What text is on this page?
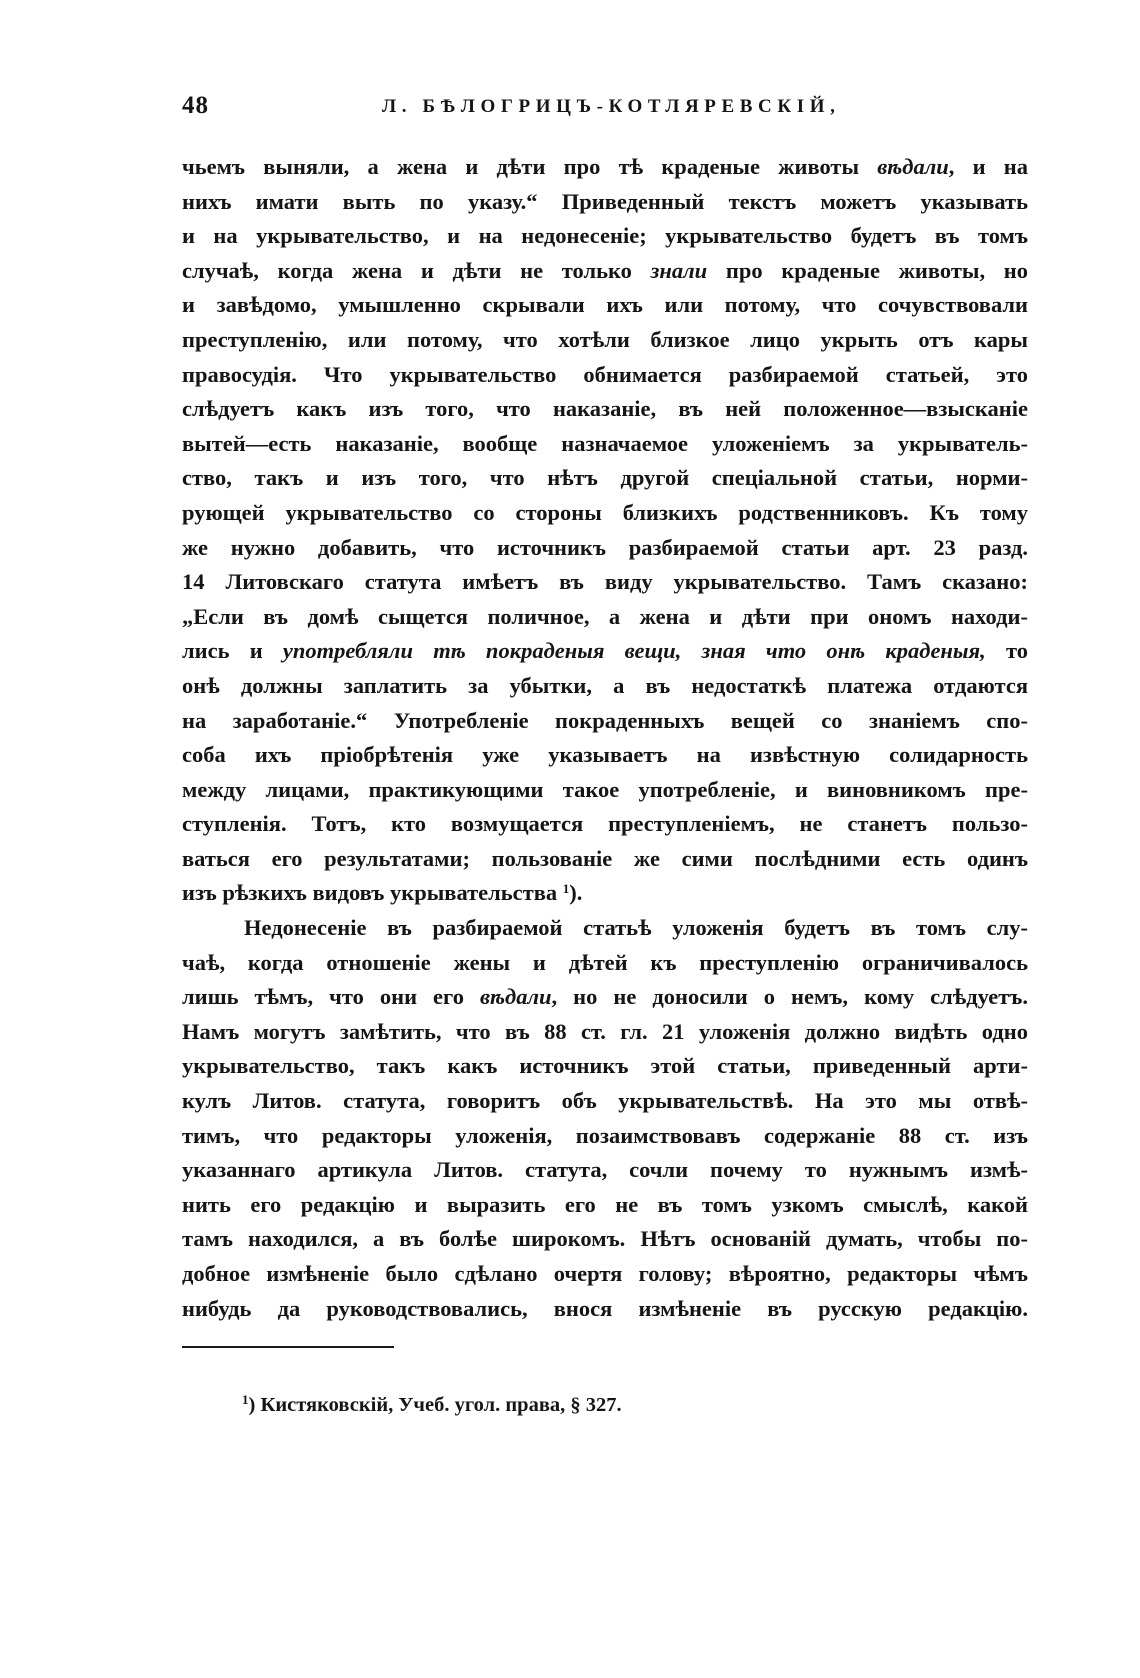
48	Л. БѢЛОГРИЦЪ-КОТЛЯРЕВСКІЙ,
чьемъ выняли, а жена и дѣти про тѣ краденые животы вѣдали, и на
нихъ имати выть по указу.“ Приведенный текстъ можетъ указывать
и на укрывательство, и на недонесеніе; укрывательство будетъ въ томъ
случаѣ, когда жена и дѣти не только знали про краденые животы, но
и завѣдомо, умышленно скрывали ихъ или потому, что сочувствовали
преступленію, или потому, что хотѣли близкое лицо укрыть отъ кары
правосудія. Что укрывательство обнимается разбираемой статьей, это
слѣдуетъ какъ изъ того, что наказаніе, въ ней положенное—взысканіе
вытей—есть наказаніе, вообще назначаемое уложеніемъ за укрыватель-
ство, такъ и изъ того, что нѣтъ другой спеціальной статьи, норми-
рующей укрывательство со стороны близкихъ родственниковъ. Къ тому
же нужно добавить, что источникъ разбираемой статьи арт. 23 разд.
14 Литовскаго статута имѣетъ въ виду укрывательство. Тамъ сказано:
„Если въ домѣ сыщется поличное, а жена и дѣти при ономъ находи-
лись и употребляли тѣ покраденыя вещи, зная что онѣ краденыя, то
онѣ должны заплатить за убытки, а въ недостаткѣ платежа отдаются
на заработаніе.“ Употребленіе покраденныхъ вещей со знаніемъ спо-
соба ихъ пріобрѣтенія уже указываетъ на извѣстную солидарность
между лицами, практикующими такое употребленіе, и виновникомъ пре-
ступленія. Тотъ, кто возмущается преступленіемъ, не станетъ пользо-
ваться его результатами; пользованіе же сими послѣдними есть одинъ
изъ рѣзкихъ видовъ укрывательства $^1$).
Недонесеніе въ разбираемой статьѣ уложенія будетъ въ томъ слу-
чаѣ, когда отношеніе жены и дѣтей къ преступленію ограничивалось
лишь тѣмъ, что они его вѣдали, но не доносили о немъ, кому слѣдуетъ.
Намъ могутъ замѣтить, что въ 88 ст. гл. 21 уложенія должно видѣть одно
укрывательство, такъ какъ источникъ этой статьи, приведенный арти-
кулъ Литов. статута, говоритъ объ укрывательствѣ. На это мы отвѣ-
тимъ, что редакторы уложенія, позаимствовавъ содержаніе 88 ст. изъ
указаннаго артикула Литов. статута, сочли почему то нужнымъ измѣ-
нить его редакцію и выразить его не въ томъ узкомъ смыслѣ, какой
тамъ находился, а въ болѣе широкомъ. Нѣтъ основаній думать, чтобы по-
добное измѣненіе было сдѣлано очертя голову; вѣроятно, редакторы чѣмъ
нибудь да руководствовались, внося измѣненіе въ русскую редакцію.
$^1$) Кистяковскій, Учеб. угол. права, § 327.
